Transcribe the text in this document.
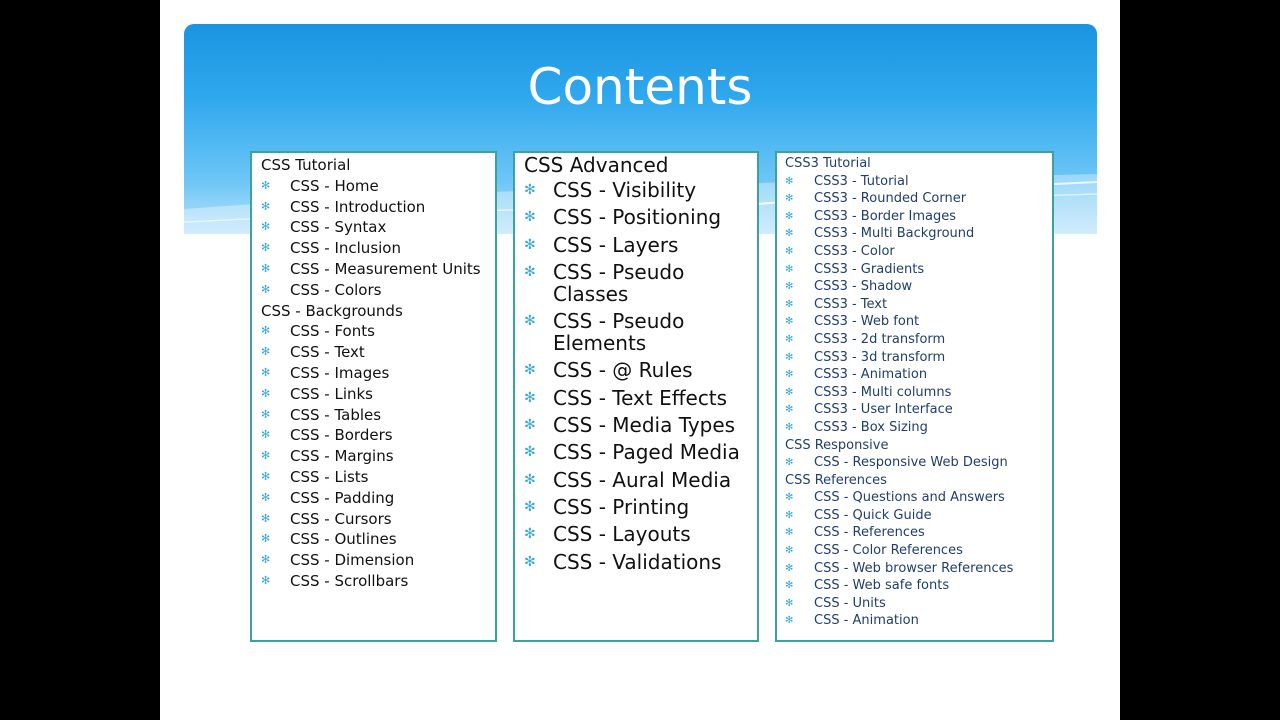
Contents
CSS Tutorial
✻ CSS - Home
✻ CSS - Introduction
✻ CSS - Syntax
✻ CSS - Inclusion
✻ CSS - Measurement Units
✻ CSS - Colors
CSS - Backgrounds
✻ CSS - Fonts
✻ CSS - Text
✻ CSS - Images
✻ CSS - Links
✻ CSS - Tables
✻ CSS - Borders
✻ CSS - Margins
✻ CSS - Lists
✻ CSS - Padding
✻ CSS - Cursors
✻ CSS - Outlines
✻ CSS - Dimension
✻ CSS - Scrollbars
CSS Advanced
✻ CSS - Visibility
✻ CSS - Positioning
✻ CSS - Layers
✻ CSS - Pseudo Classes
✻ CSS - Pseudo Elements
✻ CSS - @ Rules
✻ CSS - Text Effects
✻ CSS - Media Types
✻ CSS - Paged Media
✻ CSS - Aural Media
✻ CSS - Printing
✻ CSS - Layouts
✻ CSS - Validations
CSS3 Tutorial
✻ CSS3 - Tutorial
✻ CSS3 - Rounded Corner
✻ CSS3 - Border Images
✻ CSS3 - Multi Background
✻ CSS3 - Color
✻ CSS3 - Gradients
✻ CSS3 - Shadow
✻ CSS3 - Text
✻ CSS3 - Web font
✻ CSS3 - 2d transform
✻ CSS3 - 3d transform
✻ CSS3 - Animation
✻ CSS3 - Multi columns
✻ CSS3 - User Interface
✻ CSS3 - Box Sizing
CSS Responsive
✻ CSS - Responsive Web Design
CSS References
✻ CSS - Questions and Answers
✻ CSS - Quick Guide
✻ CSS - References
✻ CSS - Color References
✻ CSS - Web browser References
✻ CSS - Web safe fonts
✻ CSS - Units
✻ CSS - Animation
